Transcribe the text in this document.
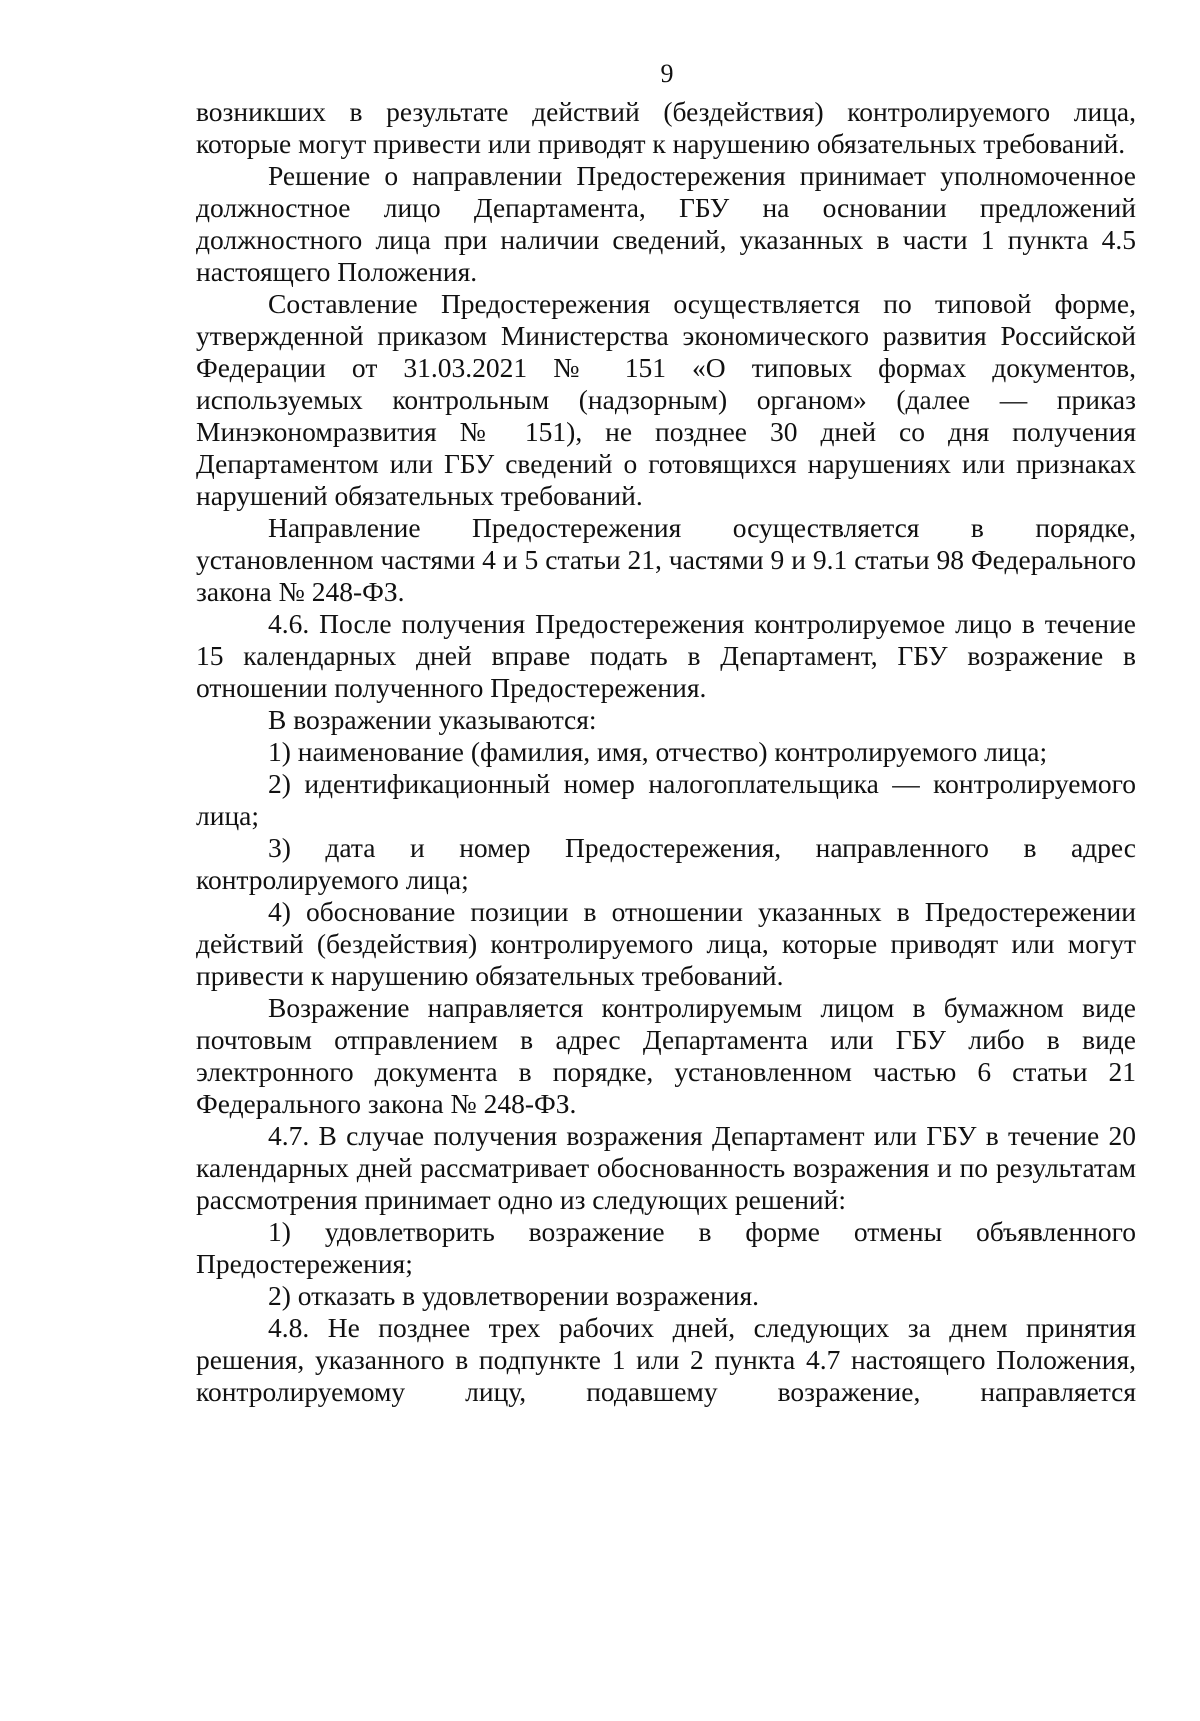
9

возникших в результате действий (бездействия) контролируемого лица, которые могут привести или приводят к нарушению обязательных требований.

Решение о направлении Предостережения принимает уполномоченное должностное лицо Департамента, ГБУ на основании предложений должностного лица при наличии сведений, указанных в части 1 пункта 4.5 настоящего Положения.

Составление Предостережения осуществляется по типовой форме, утвержденной приказом Министерства экономического развития Российской Федерации от 31.03.2021 № 151 «О типовых формах документов, используемых контрольным (надзорным) органом» (далее — приказ Минэкономразвития № 151), не позднее 30 дней со дня получения Департаментом или ГБУ сведений о готовящихся нарушениях или признаках нарушений обязательных требований.

Направление Предостережения осуществляется в порядке, установленном частями 4 и 5 статьи 21, частями 9 и 9.1 статьи 98 Федерального закона № 248-ФЗ.

4.6. После получения Предостережения контролируемое лицо в течение 15 календарных дней вправе подать в Департамент, ГБУ возражение в отношении полученного Предостережения.

В возражении указываются:

1) наименование (фамилия, имя, отчество) контролируемого лица;

2) идентификационный номер налогоплательщика — контролируемого лица;

3) дата и номер Предостережения, направленного в адрес контролируемого лица;

4) обоснование позиции в отношении указанных в Предостережении действий (бездействия) контролируемого лица, которые приводят или могут привести к нарушению обязательных требований.

Возражение направляется контролируемым лицом в бумажном виде почтовым отправлением в адрес Департамента или ГБУ либо в виде электронного документа в порядке, установленном частью 6 статьи 21 Федерального закона № 248-ФЗ.

4.7. В случае получения возражения Департамент или ГБУ в течение 20 календарных дней рассматривает обоснованность возражения и по результатам рассмотрения принимает одно из следующих решений:

1) удовлетворить возражение в форме отмены объявленного Предостережения;

2) отказать в удовлетворении возражения.

4.8. Не позднее трех рабочих дней, следующих за днем принятия решения, указанного в подпункте 1 или 2 пункта 4.7 настоящего Положения, контролируемому лицу, подавшему возражение, направляется
